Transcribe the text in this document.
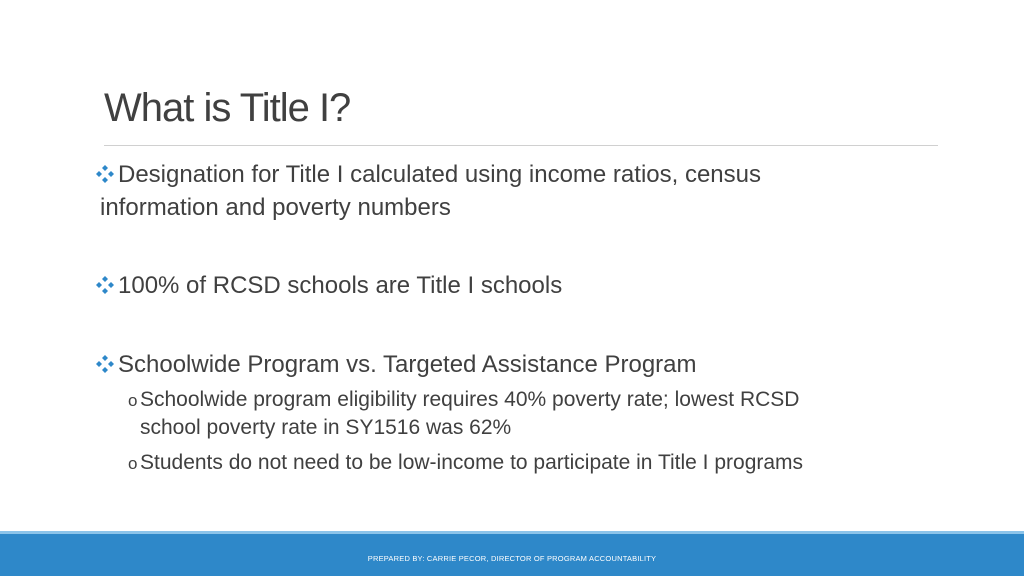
What is Title I?
Designation for Title I calculated using income ratios, census
information and poverty numbers
100% of RCSD schools are Title I schools
Schoolwide Program vs. Targeted Assistance Program
o Schoolwide program eligibility requires 40% poverty rate; lowest RCSD
school poverty rate in SY1516 was 62%
o Students do not need to be low-income to participate in Title I programs
PREPARED BY: CARRIE PECOR, DIRECTOR OF PROGRAM ACCOUNTABILITY
